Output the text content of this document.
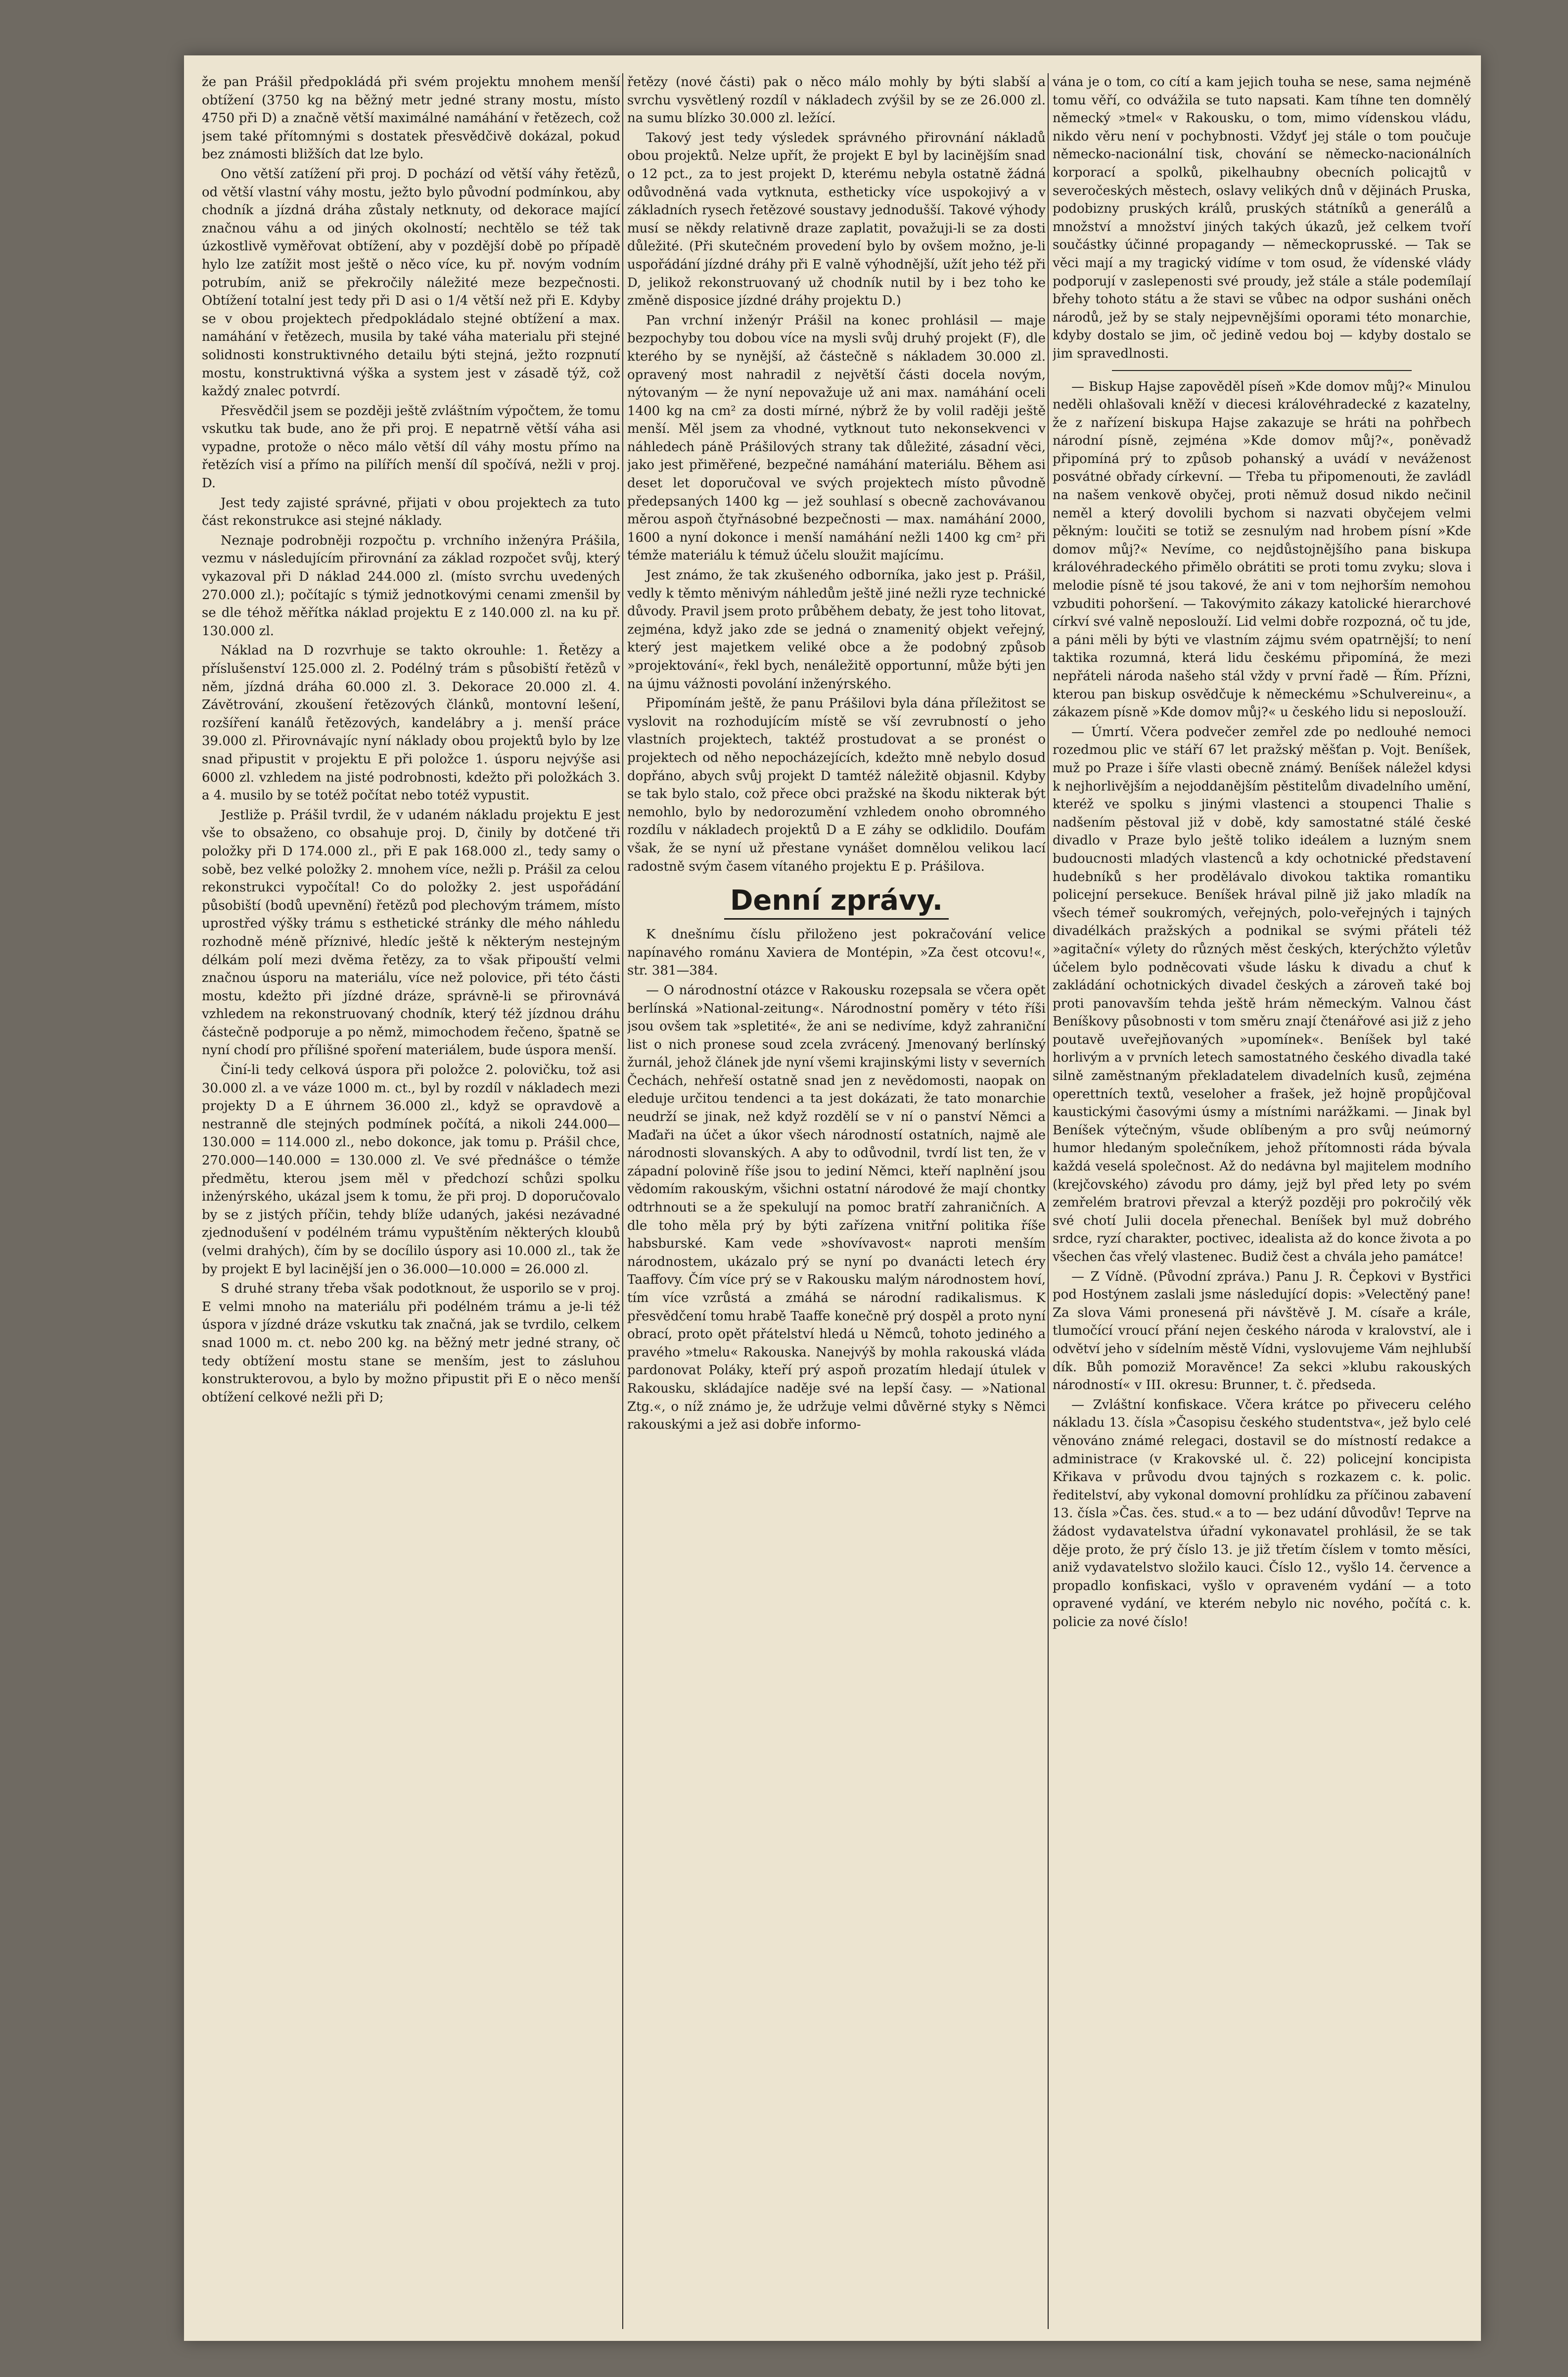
že pan Prášil předpokládá při svém projektu mnohem menší obtížení (3750 kg na běžný metr jedné strany mostu, místo 4750 při D) a značně větší maximálné namáhání v řetězech, což jsem také přítomnými s dostatek přesvědčivě dokázal, pokud bez známosti bližších dat lze bylo.

Ono větší zatížení při proj. D pochází od větší váhy řetězů, od větší vlastní váhy mostu, ježto bylo původní podmínkou, aby chodník a jízdná dráha zůstaly netknuty, od dekorace mající značnou váhu a od jiných okolností; nechtělo se též tak úzkostlivě vyměřovat obtížení, aby v pozdější době po případě hylo lze zatížit most ještě o něco více, ku př. novým vodním potrubím, aniž se překročily náležité meze bezpečnosti. Obtížení totalní jest tedy při D asi o 1/4 větší než při E. Kdyby se v obou projektech předpokládalo stejné obtížení a max. namáhání v řetězech, musila by také váha materialu při stejné solidnosti konstruktivného detailu býti stejná, ježto rozpnutí mostu, konstruktivná výška a system jest v zásadě týž, což každý znalec potvrdí.

Přesvědčil jsem se později ještě zvláštním výpočtem, že tomu vskutku tak bude, ano že při proj. E nepatrně větší váha asi vypadne, protože o něco málo větší díl váhy mostu přímo na řetězích visí a přímo na pilířích menší díl spočívá, nežli v proj. D.

Jest tedy zajisté správné, přijati v obou projektech za tuto část rekonstrukce asi stejné náklady.

Neznaje podrobněji rozpočtu p. vrchního inženýra Prášila, vezmu v následujícím přirovnání za základ rozpočet svůj, který vykazoval při D náklad 244.000 zl. (místo svrchu uvedených 270.000 zl.); počítajíc s týmiž jednotkovými cenami zmenšil by se dle téhož měřítka náklad projektu E z 140.000 zl. na ku př. 130.000 zl.

Náklad na D rozvrhuje se takto okrouhle: 1. Řetězy a příslušenství 125.000 zl. 2. Podélný trám s působiští řetězů v něm, jízdná dráha 60.000 zl. 3. Dekorace 20.000 zl. 4. Závětrování, zkoušení řetězových článků, montovní lešení, rozšíření kanálů řetězových, kandelábry a j. menší práce 39.000 zl. Přirovnávajíc nyní náklady obou projektů bylo by lze snad připustit v projektu E při položce 1. úsporu nejvýše asi 6000 zl. vzhledem na jisté podrobnosti, kdežto při položkách 3. a 4. musilo by se totéž počítat nebo totéž vypustit.

Jestliže p. Prášil tvrdil, že v udaném nákladu projektu E jest vše to obsaženo, co obsahuje proj. D, činily by dotčené tři položky při D 174.000 zl., při E pak 168.000 zl., tedy samy o sobě, bez velké položky 2. mnohem více, nežli p. Prášil za celou rekonstrukci vypočítal! Co do položky 2. jest uspořádání působiští (bodů upevnění) řetězů pod plechovým trámem, místo uprostřed výšky trámu s esthetické stránky dle mého náhledu rozhodně méně příznivé, hledíc ještě k některým nestejným délkám polí mezi dvěma řetězy, za to však připouští velmi značnou úsporu na materiálu, více než polovice, při této části mostu, kdežto při jízdné dráze, správně-li se přirovnává vzhledem na rekonstruovaný chodník, který též jízdnou dráhu částečně podporuje a po němž, mimochodem řečeno, špatně se nyní chodí pro přílišné spoření materiálem, bude úspora menší.

Činí-li tedy celková úspora při položce 2. polovičku, tož asi 30.000 zl. a ve váze 1000 m. ct., byl by rozdíl v nákladech mezi projekty D a E úhrnem 36.000 zl., když se opravdově a nestranně dle stejných podmínek počítá, a nikoli 244.000—130.000 = 114.000 zl., nebo dokonce, jak tomu p. Prášil chce, 270.000—140.000 = 130.000 zl. Ve své přednášce o témže předmětu, kterou jsem měl v předchozí schůzi spolku inženýrského, ukázal jsem k tomu, že při proj. D doporučovalo by se z jistých příčin, tehdy blíže udaných, jakési nezávadné zjednodušení v podélném trámu vypuštěním některých kloubů (velmi drahých), čím by se docílilo úspory asi 10.000 zl., tak že by projekt E byl lacinější jen o 36.000—10.000 = 26.000 zl.

S druhé strany třeba však podotknout, že usporilo se v proj. E velmi mnoho na materiálu při podélném trámu a je-li též úspora v jízdné dráze vskutku tak značná, jak se tvrdilo, celkem snad 1000 m. ct. nebo 200 kg. na běžný metr jedné strany, oč tedy obtížení mostu stane se menším, jest to zásluhou konstrukterovou, a bylo by možno připustit při E o něco menší obtížení celkové nežli při D;

řetězy (nové části) pak o něco málo mohly by býti slabší a svrchu vysvětlený rozdíl v nákladech zvýšil by se ze 26.000 zl. na sumu blízko 30.000 zl. ležící.

Takový jest tedy výsledek správného přirovnání nákladů obou projektů. Nelze upřít, že projekt E byl by lacinějším snad o 12 pct., za to jest projekt D, kterému nebyla ostatně žádná odůvodněná vada vytknuta, estheticky více uspokojivý a v základních rysech řetězové soustavy jednodušší. Takové výhody musí se někdy relativně draze zaplatit, považuji-li se za dosti důležité. (Při skutečném provedení bylo by ovšem možno, je-li uspořádání jízdné dráhy při E valně výhodnější, užít jeho též při D, jelikož rekonstruovaný už chodník nutil by i bez toho ke změně disposice jízdné dráhy projektu D.)

Pan vrchní inženýr Prášil na konec prohlásil — maje bezpochyby tou dobou více na mysli svůj druhý projekt (F), dle kterého by se nynější, až částečně s nákladem 30.000 zl. opravený most nahradil z největší části docela novým, nýtovaným — že nyní nepovažuje už ani max. namáhání oceli 1400 kg na cm² za dosti mírné, nýbrž že by volil raději ještě menší. Měl jsem za vhodné, vytknout tuto nekonsekvenci v náhledech páně Prášilových strany tak důležité, zásadní věci, jako jest přiměřené, bezpečné namáhání materiálu. Během asi deset let doporučoval ve svých projektech místo původně předepsaných 1400 kg — jež souhlasí s obecně zachovávanou měrou aspoň čtyřnásobné bezpečnosti — max. namáhání 2000, 1600 a nyní dokonce i menší namáhání nežli 1400 kg cm² při témže materiálu k témuž účelu sloužit majícímu.

Jest známo, že tak zkušeného odborníka, jako jest p. Prášil, vedly k těmto měnivým náhledům ještě jiné nežli ryze technické důvody. Pravil jsem proto průběhem debaty, že jest toho litovat, zejména, když jako zde se jedná o znamenitý objekt veřejný, který jest majetkem veliké obce a že podobný způsob »projektování«, řekl bych, nenáležitě opportunní, může býti jen na újmu vážnosti povolání inženýrského.

Připomínám ještě, že panu Prášilovi byla dána příležitost se vyslovit na rozhodujícím místě se vší zevrubností o jeho vlastních projektech, taktéž prostudovat a se pronést o projektech od něho nepocházejících, kdežto mně nebylo dosud dopřáno, abych svůj projekt D tamtéž náležitě objasnil. Kdyby se tak bylo stalo, což přece obci pražské na škodu nikterak být nemohlo, bylo by nedorozumění vzhledem onoho obromného rozdílu v nákladech projektů D a E záhy se odklidilo. Doufám však, že se nyní už přestane vynášet domnělou velikou lací radostně svým časem vítaného projektu E p. Prášilova.

Denní zprávy.

K dnešnímu číslu přiloženo jest pokračování velice napínavého románu Xaviera de Montépin, »Za čest otcovu!«, str. 381—384.

— O národnostní otázce v Rakousku rozepsala se včera opět berlínská »National-zeitung«. Národnostní poměry v této říši jsou ovšem tak »spletité«, že ani se nedivíme, když zahraniční list o nich pronese soud zcela zvrácený. Jmenovaný berlínský žurnál, jehož článek jde nyní všemi krajinskými listy v severních Čechách, nehřeší ostatně snad jen z nevědomosti, naopak on eleduje určitou tendenci a ta jest dokázati, že tato monarchie neudrží se jinak, než když rozdělí se v ní o panství Němci a Maďaři na účet a úkor všech národností ostatních, najmě ale národnosti slovanských. A aby to odůvodnil, tvrdí list ten, že v západní polovině říše jsou to jediní Němci, kteří naplnění jsou vědomím rakouským, všichni ostatní národové že mají chontky odtrhnouti se a že spekulují na pomoc bratří zahraničních. A dle toho měla prý by býti zařízena vnitřní politika říše habsburské. Kam vede »shovívavost« naproti menším národnostem, ukázalo prý se nyní po dvanácti letech éry Taaffovy. Čím více prý se v Rakousku malým národnostem hoví, tím více vzrůstá a zmáhá se národní radikalismus. K přesvědčení tomu hrabě Taaffe konečně prý dospěl a proto nyní obrací, proto opět přátelství hledá u Němců, tohoto jediného a pravého »tmelu« Rakouska. Nanejvýš by mohla rakouská vláda pardonovat Poláky, kteří prý aspoň prozatím hledají útulek v Rakousku, skládajíce naděje své na lepší časy. — »National Ztg.«, o níž známo je, že udržuje velmi důvěrné styky s Němci rakouskými a jež asi dobře informo-

vána je o tom, co cítí a kam jejich touha se nese, sama nejméně tomu věří, co odvážila se tuto napsati. Kam tíhne ten domnělý německý »tmel« v Rakousku, o tom, mimo vídenskou vládu, nikdo věru není v pochybnosti. Vždyť jej stále o tom poučuje německo-nacionální tisk, chování se německo-nacionálních korporací a spolků, pikelhaubny obecních policajtů v severočeských městech, oslavy velikých dnů v dějinách Pruska, podobizny pruských králů, pruských státníků a generálů a množství a množství jiných takých úkazů, jež celkem tvoří součástky účinné propagandy — německoprusské. — Tak se věci mají a my tragický vidíme v tom osud, že vídenské vlády podporují v zaslepenosti své proudy, jež stále a stále podemílají břehy tohoto státu a že stavi se vůbec na odpor susháni oněch národů, jež by se staly nejpevnějšími oporami této monarchie, kdyby dostalo se jim, oč jedině vedou boj — kdyby dostalo se jim spravedlnosti.

— Biskup Hajse zapověděl píseň »Kde domov můj?« Minulou neděli ohlašovali kněží v diecesi královéhradecké z kazatelny, že z nařízení biskupa Hajse zakazuje se hráti na pohřbech národní písně, zejména »Kde domov můj?«, poněvadž připomíná prý to způsob pohanský a uvádí v neváženost posvátné obřady církevní. — Třeba tu připomenouti, že zavládl na našem venkově obyčej, proti němuž dosud nikdo nečinil neměl a který dovolili bychom si nazvati obyčejem velmi pěkným: loučiti se totiž se zesnulým nad hrobem písní »Kde domov můj?« Nevíme, co nejdůstojnějšího pana biskupa královéhradeckého přimělo obrátiti se proti tomu zvyku; slova i melodie písně té jsou takové, že ani v tom nejhorším nemohou vzbuditi pohoršení. — Takovýmito zákazy katolické hierarchové církví své valně neposlouží. Lid velmi dobře rozpozná, oč tu jde, a páni měli by býti ve vlastním zájmu svém opatrnější; to není taktika rozumná, která lidu českému připomíná, že mezi nepřáteli národa našeho stál vždy v první řadě — Řím. Přízni, kterou pan biskup osvědčuje k německému »Schulvereinu«, a zákazem písně »Kde domov můj?« u českého lidu si neposlouží.

— Úmrtí. Včera podvečer zemřel zde po nedlouhé nemoci rozedmou plic ve stáří 67 let pražský měšťan p. Vojt. Beníšek, muž po Praze i šíře vlasti obecně známý. Beníšek náležel kdysi k nejhorlivějším a nejoddanějším pěstitelům divadelního umění, kteréž ve spolku s jinými vlastenci a stoupenci Thalie s nadšením pěstoval již v době, kdy samostatné stálé české divadlo v Praze bylo ještě toliko ideálem a luzným snem budoucnosti mladých vlastenců a kdy ochotnické představení hudebníků s her prodělávalo divokou taktika romantiku policejní persekuce. Beníšek hrával pilně již jako mladík na všech témeř soukromých, veřejných, polo-veřejných i tajných divadélkách pražských a podnikal se svými přáteli též »agitační« výlety do různých měst českých, kterýchžto výletův účelem bylo podněcovati všude lásku k divadu a chuť k zakládání ochotnických divadel českých a zároveň také boj proti panovavším tehda ještě hrám německým. Valnou část Beníškovy působnosti v tom směru znají čtenářové asi již z jeho poutavě uveřejňovaných »upomínek«. Beníšek byl také horlivým a v prvních letech samostatného českého divadla také silně zaměstnaným překladatelem divadelních kusů, zejména operettních textů, veseloher a frašek, jež hojně propůjčoval kaustickými časovými úsmy a místními narážkami. — Jinak byl Beníšek výtečným, všude oblíbeným a pro svůj neúmorný humor hledaným společníkem, jehož přítomnosti ráda bývala každá veselá společnost. Až do nedávna byl majitelem modního (krejčovského) závodu pro dámy, jejž byl před lety po svém zemřelém bratrovi převzal a kterýž později pro pokročilý věk své chotí Julii docela přenechal. Beníšek byl muž dobrého srdce, ryzí charakter, poctivec, idealista až do konce života a po všechen čas vřelý vlastenec. Budiž čest a chvála jeho památce!

— Z Vídně. (Původní zpráva.) Panu J. R. Čepkovi v Bystřici pod Hostýnem zaslali jsme následující dopis: »Velectěný pane! Za slova Vámi pronesená při návštěvě J. M. císaře a krále, tlumočící vroucí přání nejen českého národa v kralovství, ale i odvětví jeho v sídelním městě Vídni, vyslovujeme Vám nejhlubší dík. Bůh pomoziž Moravěnce! Za sekci »klubu rakouských národností« v III. okresu: Brunner, t. č. předseda.

— Zvláštní konfiskace. Včera krátce po přiveceru celého nákladu 13. čísla »Časopisu českého studentstva«, jež bylo celé věnováno známé relegaci, dostavil se do místností redakce a administrace (v Krakovské ul. č. 22) policejní koncipista Křikava v průvodu dvou tajných s rozkazem c. k. polic. ředitelství, aby vykonal domovní prohlídku za příčinou zabavení 13. čísla »Čas. čes. stud.« a to — bez udání důvodův! Teprve na žádost vydavatelstva úřadní vykonavatel prohlásil, že se tak děje proto, že prý číslo 13. je již třetím číslem v tomto měsíci, aniž vydavatelstvo složilo kauci. Číslo 12., vyšlo 14. července a propadlo konfiskaci, vyšlo v opraveném vydání — a toto opravené vydání, ve kterém nebylo nic nového, počítá c. k. policie za nové číslo!
